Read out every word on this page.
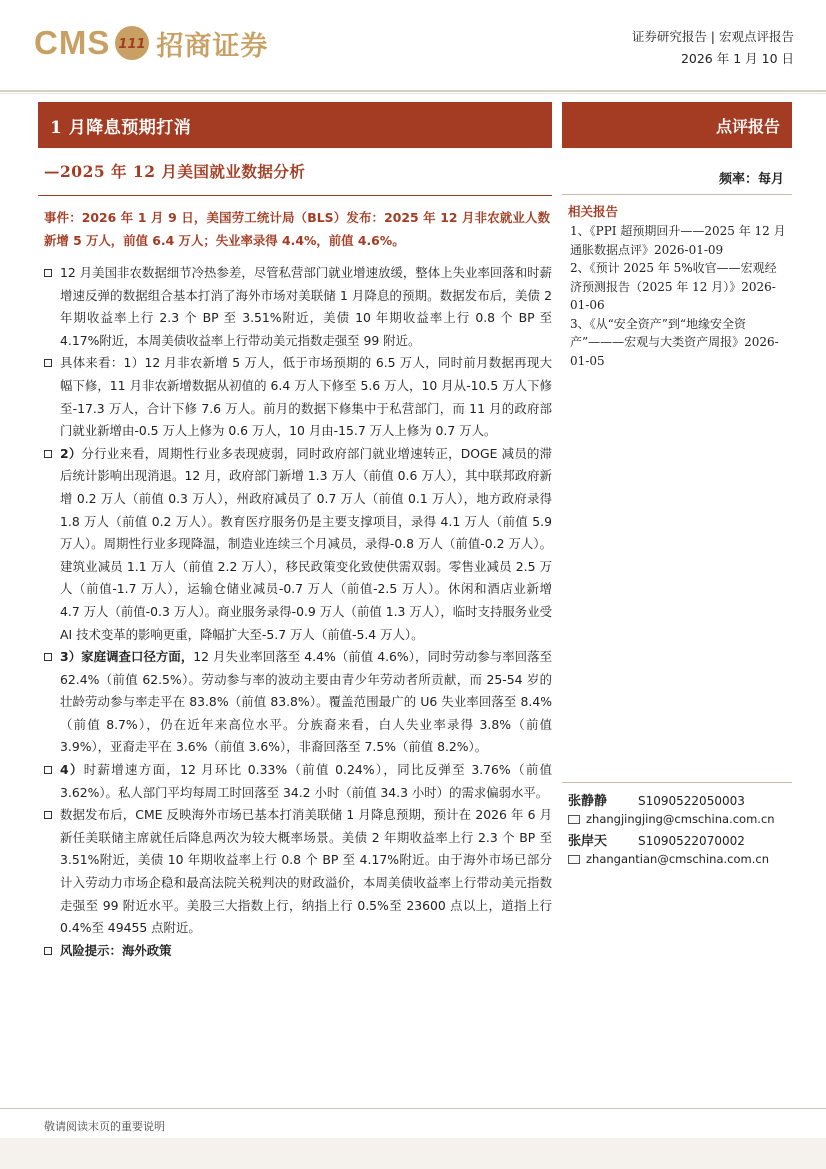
CMS 111 招商证券	证券研究报告 | 宏观点评报告
2026 年 1 月 10 日
1 月降息预期打消	点评报告
—2025 年 12 月美国就业数据分析	频率：每月
相关报告
1、《PPI 超预期回升——2025 年 12 月通胀数据点评》2026-01-09
2、《预计 2025 年 5%收官——宏观经济预测报告（2025 年 12 月）》2026-01-06
3、《从“安全资产”到“地缘安全资产”———宏观与大类资产周报》2026-01-05
事件：2026 年 1 月 9 日，美国劳工统计局（BLS）发布：2025 年 12 月非农就业人数新增 5 万人，前值 6.4 万人；失业率录得 4.4%，前值 4.6%。
12 月美国非农数据细节冷热参差，尽管私营部门就业增速放缓，整体上失业率回落和时薪增速反弹的数据组合基本打消了海外市场对美联储 1 月降息的预期。数据发布后，美债 2 年期收益率上行 2.3 个 BP 至 3.51%附近，美债 10 年期收益率上行 0.8 个 BP 至 4.17%附近，本周美债收益率上行带动美元指数走强至 99 附近。
具体来看：1）12 月非农新增 5 万人，低于市场预期的 6.5 万人，同时前月数据再现大幅下修，11 月非农新增数据从初值的 6.4 万人下修至 5.6 万人，10 月从-10.5 万人下修至-17.3 万人，合计下修 7.6 万人。前月的数据下修集中于私营部门，而 11 月的政府部门就业新增由-0.5 万人上修为 0.6 万人，10 月由-15.7 万人上修为 0.7 万人。
2）分行业来看，周期性行业多表现疲弱，同时政府部门就业增速转正，DOGE 减员的滞后统计影响出现消退。12 月，政府部门新增 1.3 万人（前值 0.6 万人），其中联邦政府新增 0.2 万人（前值 0.3 万人），州政府减员了 0.7 万人（前值 0.1 万人），地方政府录得 1.8 万人（前值 0.2 万人）。教育医疗服务仍是主要支撑项目，录得 4.1 万人（前值 5.9 万人）。周期性行业多现降温，制造业连续三个月减员，录得-0.8 万人（前值-0.2 万人）。建筑业减员 1.1 万人（前值 2.2 万人），移民政策变化致使供需双弱。零售业减员 2.5 万人（前值-1.7 万人），运输仓储业减员-0.7 万人（前值-2.5 万人）。休闲和酒店业新增 4.7 万人（前值-0.3 万人）。商业服务录得-0.9 万人（前值 1.3 万人），临时支持服务业受 AI 技术变革的影响更重，降幅扩大至-5.7 万人（前值-5.4 万人）。
3）家庭调查口径方面，12 月失业率回落至 4.4%（前值 4.6%），同时劳动参与率回落至 62.4%（前值 62.5%）。劳动参与率的波动主要由青少年劳动者所贡献，而 25-54 岁的壮龄劳动参与率走平在 83.8%（前值 83.8%）。覆盖范围最广的 U6 失业率回落至 8.4%（前值 8.7%），仍在近年来高位水平。分族裔来看，白人失业率录得 3.8%（前值 3.9%），亚裔走平在 3.6%（前值 3.6%），非裔回落至 7.5%（前值 8.2%）。
4）时薪增速方面，12 月环比 0.33%（前值 0.24%），同比反弹至 3.76%（前值 3.62%）。私人部门平均每周工时回落至 34.2 小时（前值 34.3 小时）的需求偏弱水平。
数据发布后，CME 反映海外市场已基本打消美联储 1 月降息预期，预计在 2026 年 6 月新任美联储主席就任后降息两次为较大概率场景。美债 2 年期收益率上行 2.3 个 BP 至 3.51%附近，美债 10 年期收益率上行 0.8 个 BP 至 4.17%附近。由于海外市场已部分计入劳动力市场企稳和最高法院关税判决的财政溢价，本周美债收益率上行带动美元指数走强至 99 附近水平。美股三大指数上行，纳指上行 0.5%至 23600 点以上，道指上行 0.4%至 49455 点附近。
风险提示：海外政策
张静静	S1090522050003
zhangjingjing@cmschina.com.cn
张岸天	S1090522070002
zhangantian@cmschina.com.cn
敬请阅读末页的重要说明
